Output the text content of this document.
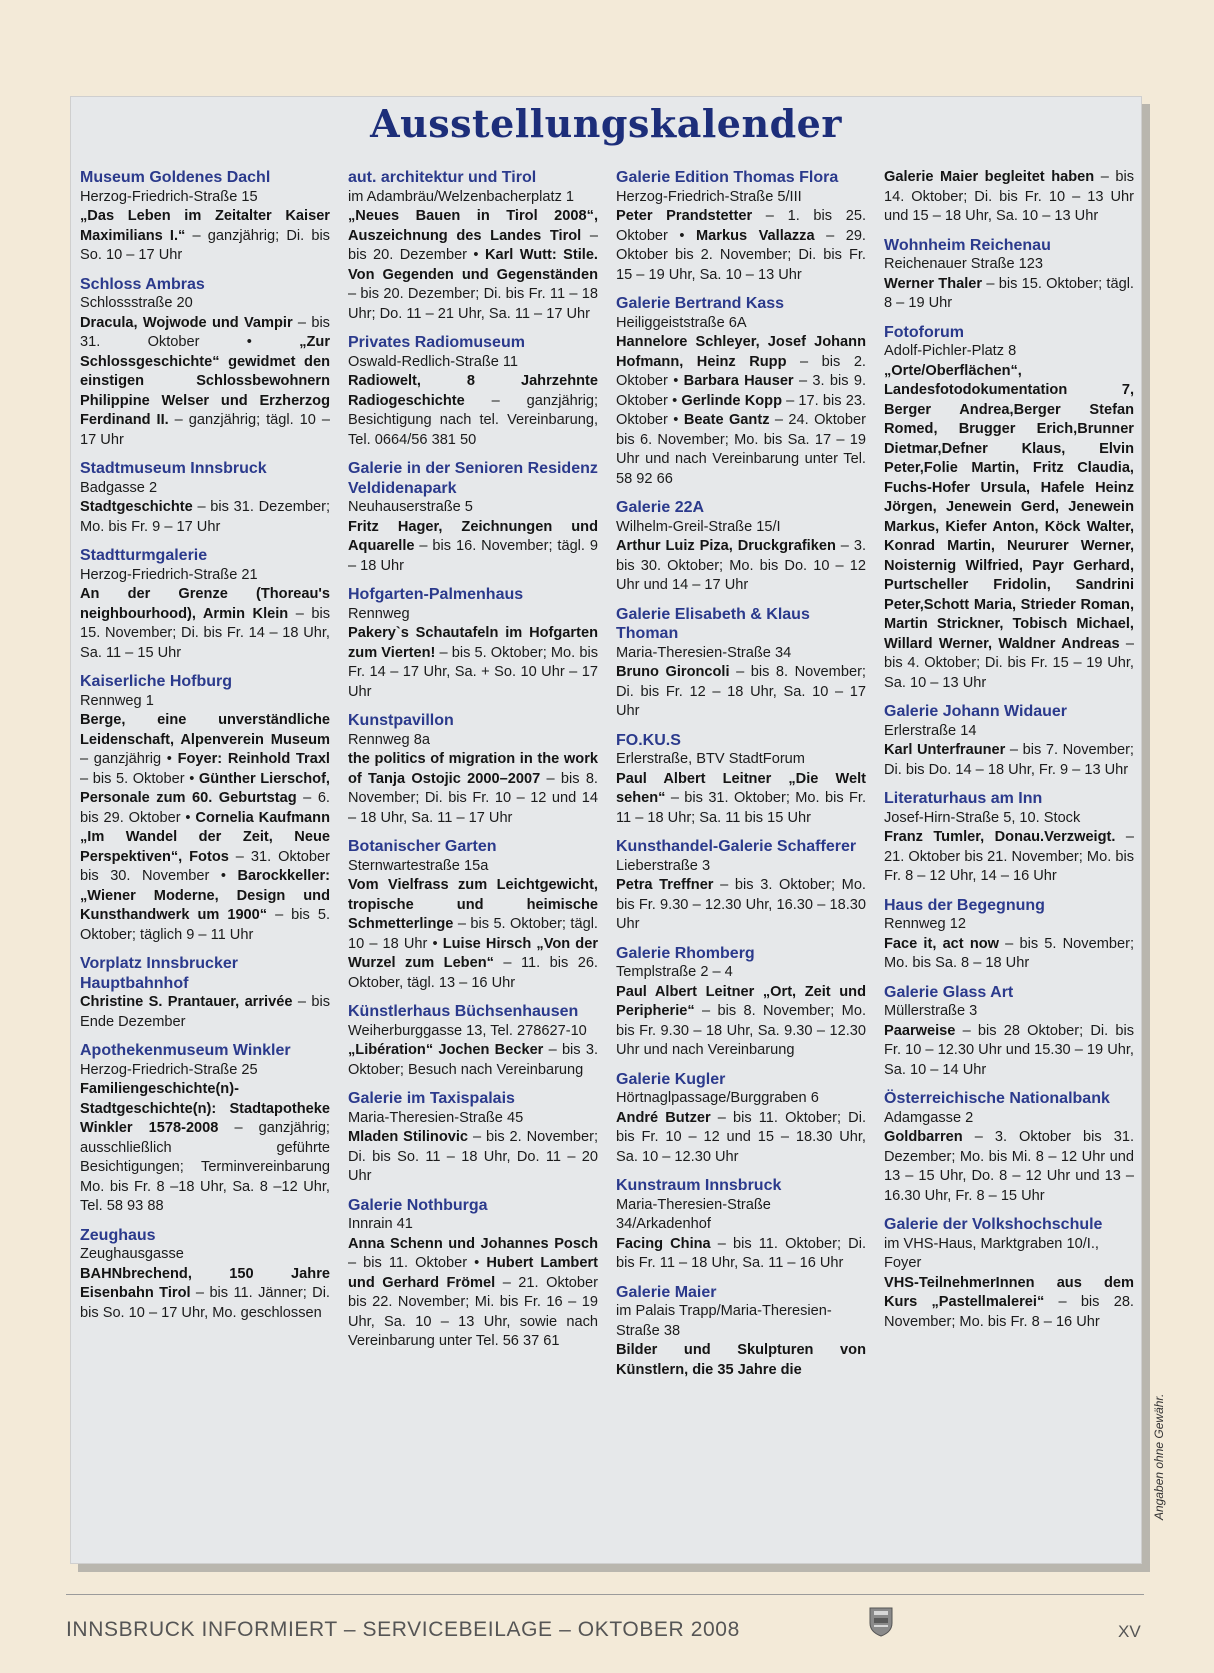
Ausstellungskalender
Museum Goldenes Dachl
Herzog-Friedrich-Straße 15

„Das Leben im Zeitalter Kaiser Maximilians I.“ – ganzjährig; Di. bis So. 10 – 17 Uhr

Schloss Ambras
Schlossstraße 20

Dracula, Wojwode und Vampir – bis 31. Oktober • „Zur Schlossgeschichte“ gewidmet den einstigen Schlossbewohnern Philippine Welser und Erzherzog Ferdinand II. – ganzjährig; tägl. 10 – 17 Uhr

Stadtmuseum Innsbruck
Badgasse 2

Stadtgeschichte – bis 31. Dezember; Mo. bis Fr. 9 – 17 Uhr

Stadtturmgalerie
Herzog-Friedrich-Straße 21

An der Grenze (Thoreau's neighbourhood), Armin Klein – bis 15. November; Di. bis Fr. 14 – 18 Uhr, Sa. 11 – 15 Uhr

Kaiserliche Hofburg
Rennweg 1

Berge, eine unverständliche Leidenschaft, Alpenverein Museum – ganzjährig • Foyer: Reinhold Traxl – bis 5. Oktober • Günther Lierschof, Personale zum 60. Geburtstag – 6. bis 29. Oktober • Cornelia Kaufmann „Im Wandel der Zeit, Neue Perspektiven“, Fotos – 31. Oktober bis 30. November • Barockkeller: „Wiener Moderne, Design und Kunsthandwerk um 1900“ – bis 5. Oktober; täglich 9 – 11 Uhr

Vorplatz Innsbrucker Hauptbahnhof

Christine S. Prantauer, arrivée – bis Ende Dezember

Apothekenmuseum Winkler
Herzog-Friedrich-Straße 25

Familiengeschichte(n)-Stadtgeschichte(n): Stadtapotheke Winkler 1578-2008 – ganzjährig; ausschließlich geführte Besichtigungen; Terminvereinbarung Mo. bis Fr. 8 –18 Uhr, Sa. 8 –12 Uhr, Tel. 58 93 88

Zeughaus
Zeughausgasse

BAHNbrechend, 150 Jahre Eisenbahn Tirol – bis 11. Jänner; Di. bis So. 10 – 17 Uhr, Mo. geschlossen

aut. architektur und Tirol
im Adambräu/Welzenbacherplatz 1

„Neues Bauen in Tirol 2008“, Auszeichnung des Landes Tirol – bis 20. Dezember • Karl Wutt: Stile. Von Gegenden und Gegenständen – bis 20. Dezember; Di. bis Fr. 11 – 18 Uhr; Do. 11 – 21 Uhr, Sa. 11 – 17 Uhr

Privates Radiomuseum
Oswald-Redlich-Straße 11

Radiowelt, 8 Jahrzehnte Radiogeschichte – ganzjährig; Besichtigung nach tel. Vereinbarung, Tel. 0664/56 381 50

Galerie in der Senioren Residenz Veldidenapark
Neuhauserstraße 5

Fritz Hager, Zeichnungen und Aquarelle – bis 16. November; tägl. 9 – 18 Uhr

Hofgarten-Palmenhaus
Rennweg

Pakery`s Schautafeln im Hofgarten zum Vierten! – bis 5. Oktober; Mo. bis Fr. 14 – 17 Uhr, Sa. + So. 10 Uhr – 17 Uhr

Kunstpavillon
Rennweg 8a

the politics of migration in the work of Tanja Ostojic 2000–2007 – bis 8. November; Di. bis Fr. 10 – 12 und 14 – 18 Uhr, Sa. 11 – 17 Uhr

Botanischer Garten
Sternwartestraße 15a

Vom Vielfrass zum Leichtgewicht, tropische und heimische Schmetterlinge – bis 5. Oktober; tägl. 10 – 18 Uhr • Luise Hirsch „Von der Wurzel zum Leben“ – 11. bis 26. Oktober, tägl. 13 – 16 Uhr

Künstlerhaus Büchsenhausen
Weiherburggasse 13, Tel. 278627-10

„Libération“ Jochen Becker – bis 3. Oktober; Besuch nach Vereinbarung

Galerie im Taxispalais
Maria-Theresien-Straße 45

Mladen Stilinovic – bis 2. November; Di. bis So. 11 – 18 Uhr, Do. 11 – 20 Uhr

Galerie Nothburga
Innrain 41

Anna Schenn und Johannes Posch – bis 11. Oktober • Hubert Lambert und Gerhard Frömel – 21. Oktober bis 22. November; Mi. bis Fr. 16 – 19 Uhr, Sa. 10 – 13 Uhr, sowie nach Vereinbarung unter Tel. 56 37 61

Galerie Edition Thomas Flora
Herzog-Friedrich-Straße 5/III

Peter Prandstetter – 1. bis 25. Oktober • Markus Vallazza – 29. Oktober bis 2. November; Di. bis Fr. 15 – 19 Uhr, Sa. 10 – 13 Uhr

Galerie Bertrand Kass
Heiliggeiststraße 6A

Hannelore Schleyer, Josef Johann Hofmann, Heinz Rupp – bis 2. Oktober • Barbara Hauser – 3. bis 9. Oktober • Gerlinde Kopp – 17. bis 23. Oktober • Beate Gantz – 24. Oktober bis 6. November; Mo. bis Sa. 17 – 19 Uhr und nach Vereinbarung unter Tel. 58 92 66

Galerie 22A
Wilhelm-Greil-Straße 15/I

Arthur Luiz Piza, Druckgrafiken – 3. bis 30. Oktober; Mo. bis Do. 10 – 12 Uhr und 14 – 17 Uhr

Galerie Elisabeth & Klaus Thoman
Maria-Theresien-Straße 34

Bruno Gironcoli – bis 8. November; Di. bis Fr. 12 – 18 Uhr, Sa. 10 – 17 Uhr

FO.KU.S
Erlerstraße, BTV StadtForum

Paul Albert Leitner „Die Welt sehen“ – bis 31. Oktober; Mo. bis Fr. 11 – 18 Uhr; Sa. 11 bis 15 Uhr

Kunsthandel-Galerie Schafferer
Lieberstraße 3

Petra Treffner – bis 3. Oktober; Mo. bis Fr. 9.30 – 12.30 Uhr, 16.30 – 18.30 Uhr

Galerie Rhomberg
Templstraße 2 – 4

Paul Albert Leitner „Ort, Zeit und Peripherie“ – bis 8. November; Mo. bis Fr. 9.30 – 18 Uhr, Sa. 9.30 – 12.30 Uhr und nach Vereinbarung

Galerie Kugler
Hörtnaglpassage/Burggraben 6

André Butzer – bis 11. Oktober; Di. bis Fr. 10 – 12 und 15 – 18.30 Uhr, Sa. 10 – 12.30 Uhr

Kunstraum Innsbruck
Maria-Theresien-Straße 34/Arkadenhof

Facing China – bis 11. Oktober; Di. bis Fr. 11 – 18 Uhr, Sa. 11 – 16 Uhr

Galerie Maier
im Palais Trapp/Maria-Theresien-Straße 38

Bilder und Skulpturen von Künstlern, die 35 Jahre die

Galerie Maier begleitet haben – bis 14. Oktober; Di. bis Fr. 10 – 13 Uhr und 15 – 18 Uhr, Sa. 10 – 13 Uhr

Wohnheim Reichenau
Reichenauer Straße 123

Werner Thaler – bis 15. Oktober; tägl. 8 – 19 Uhr

Fotoforum
Adolf-Pichler-Platz 8

„Orte/Oberflächen“, Landesfotodokumentation 7, Berger Andrea,Berger Stefan Romed, Brugger Erich,Brunner Dietmar,Defner Klaus, Elvin Peter,Folie Martin, Fritz Claudia, Fuchs-Hofer Ursula, Hafele Heinz Jörgen, Jenewein Gerd, Jenewein Markus, Kiefer Anton, Köck Walter, Konrad Martin, Neururer Werner, Noisternig Wilfried, Payr Gerhard, Purtscheller Fridolin, Sandrini Peter,Schott Maria, Strieder Roman, Martin Strickner, Tobisch Michael, Willard Werner, Waldner Andreas – bis 4. Oktober; Di. bis Fr. 15 – 19 Uhr, Sa. 10 – 13 Uhr

Galerie Johann Widauer
Erlerstraße 14

Karl Unterfrauner – bis 7. November; Di. bis Do. 14 – 18 Uhr, Fr. 9 – 13 Uhr

Literaturhaus am Inn
Josef-Hirn-Straße 5, 10. Stock

Franz Tumler, Donau.Verzweigt. – 21. Oktober bis 21. November; Mo. bis Fr. 8 – 12 Uhr, 14 – 16 Uhr

Haus der Begegnung
Rennweg 12

Face it, act now – bis 5. November; Mo. bis Sa. 8 – 18 Uhr

Galerie Glass Art
Müllerstraße 3

Paarweise – bis 28 Oktober; Di. bis Fr. 10 – 12.30 Uhr und 15.30 – 19 Uhr, Sa. 10 – 14 Uhr

Österreichische Nationalbank
Adamgasse 2

Goldbarren – 3. Oktober bis 31. Dezember; Mo. bis Mi. 8 – 12 Uhr und 13 – 15 Uhr, Do. 8 – 12 Uhr und 13 – 16.30 Uhr, Fr. 8 – 15 Uhr

Galerie der Volkshochschule
im VHS-Haus, Marktgraben 10/I., Foyer

VHS-TeilnehmerInnen aus dem Kurs „Pastellmalerei“ – bis 28. November; Mo. bis Fr. 8 – 16 Uhr

Angaben ohne Gewähr.
INNSBRUCK INFORMIERT – SERVICEBEILAGE – OKTOBER 2008	XV
